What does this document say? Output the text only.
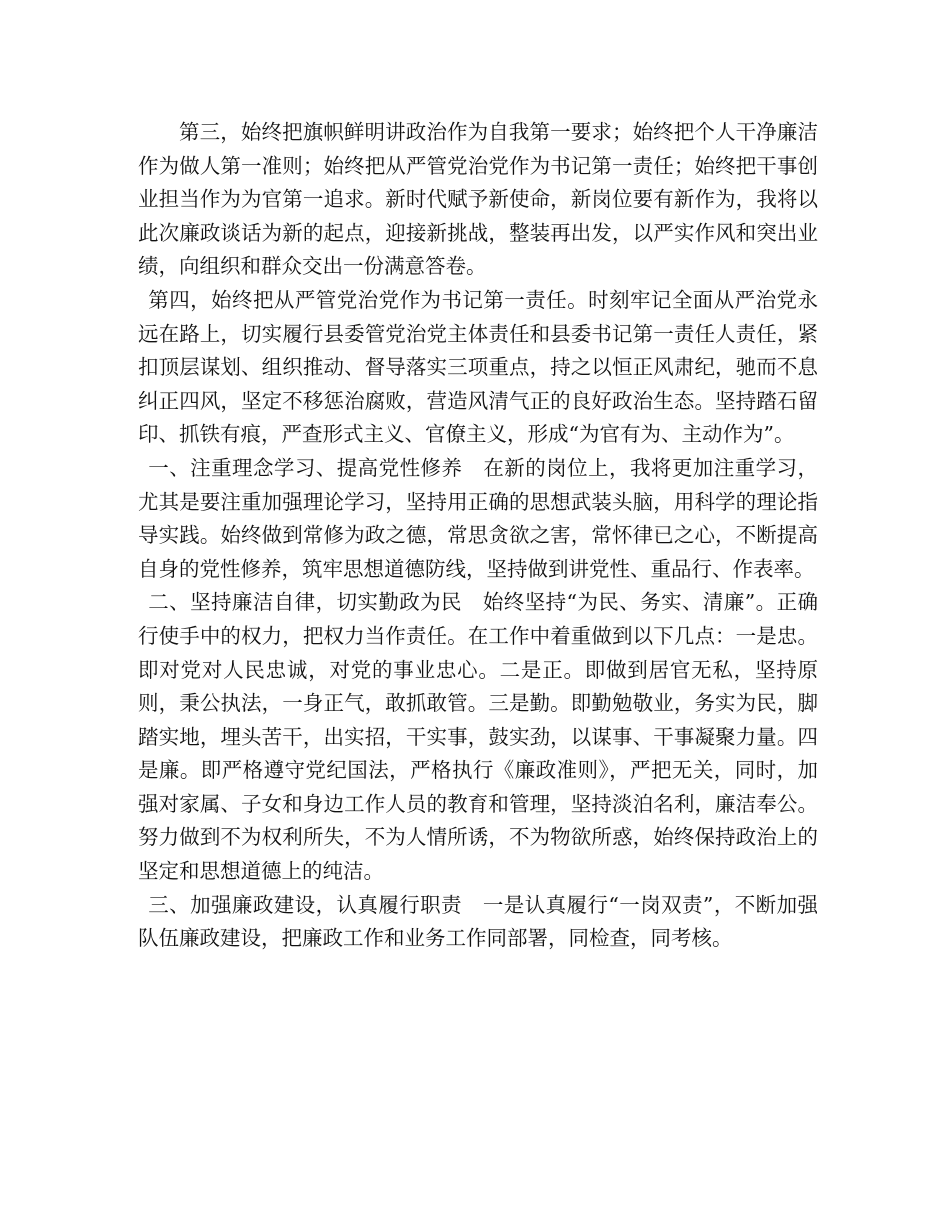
第三，始终把旗帜鲜明讲政治作为自我第一要求；始终把个人干净廉洁作为做人第一准则；始终把从严管党治党作为书记第一责任；始终把干事创业担当作为为官第一追求。新时代赋予新使命，新岗位要有新作为，我将以此次廉政谈话为新的起点，迎接新挑战，整装再出发，以严实作风和突出业绩，向组织和群众交出一份满意答卷。

第四，始终把从严管党治党作为书记第一责任。时刻牢记全面从严治党永远在路上，切实履行县委管党治党主体责任和县委书记第一责任人责任，紧扣顶层谋划、组织推动、督导落实三项重点，持之以恒正风肃纪，驰而不息纠正四风，坚定不移惩治腐败，营造风清气正的良好政治生态。坚持踏石留印、抓铁有痕，严查形式主义、官僚主义，形成“为官有为、主动作为”。

一、注重理念学习、提高党性修养　在新的岗位上，我将更加注重学习，尤其是要注重加强理论学习，坚持用正确的思想武装头脑，用科学的理论指导实践。始终做到常修为政之德，常思贪欲之害，常怀律已之心，不断提高自身的党性修养，筑牢思想道德防线，坚持做到讲党性、重品行、作表率。

二、坚持廉洁自律，切实勤政为民　始终坚持“为民、务实、清廉”。正确行使手中的权力，把权力当作责任。在工作中着重做到以下几点：一是忠。即对党对人民忠诚，对党的事业忠心。二是正。即做到居官无私，坚持原则，秉公执法，一身正气，敢抓敢管。三是勤。即勤勉敬业，务实为民，脚踏实地，埋头苦干，出实招，干实事，鼓实劲，以谋事、干事凝聚力量。四是廉。即严格遵守党纪国法，严格执行《廉政准则》，严把无关，同时，加强对家属、子女和身边工作人员的教育和管理，坚持淡泊名利，廉洁奉公。努力做到不为权利所失，不为人情所诱，不为物欲所惑，始终保持政治上的坚定和思想道德上的纯洁。

三、加强廉政建设，认真履行职责　一是认真履行“一岗双责”，不断加强队伍廉政建设，把廉政工作和业务工作同部署，同检查，同考核。
